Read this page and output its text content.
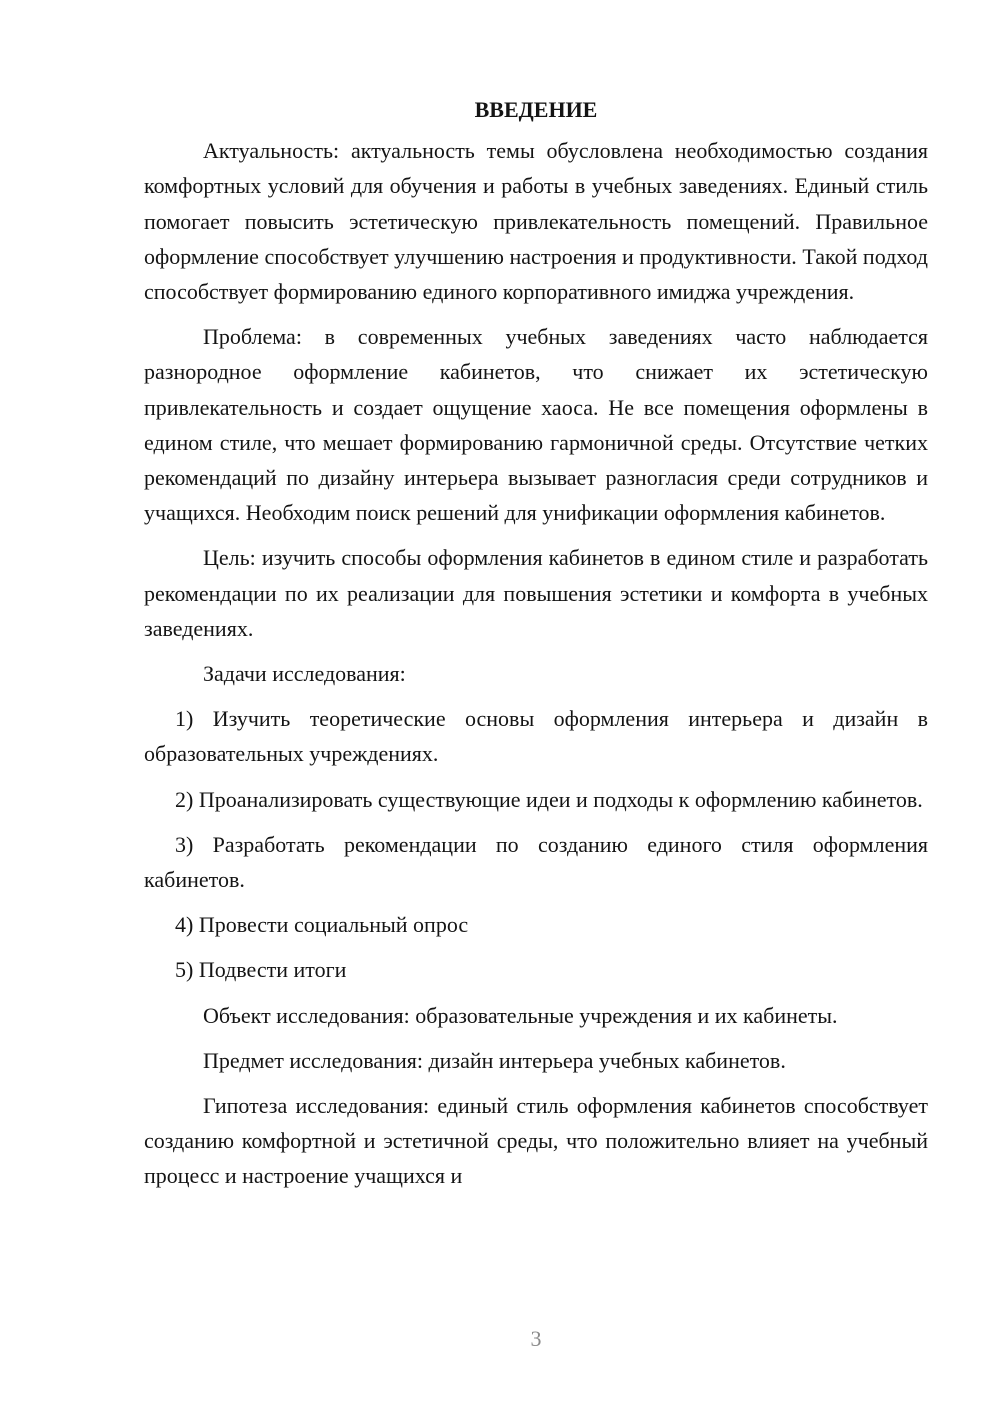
ВВЕДЕНИЕ

Актуальность: актуальность темы обусловлена необходимостью создания комфортных условий для обучения и работы в учебных заведениях. Единый стиль помогает повысить эстетическую привлекательность помещений. Правильное оформление способствует улучшению настроения и продуктивности. Такой подход способствует формированию единого корпоративного имиджа учреждения.

Проблема: в современных учебных заведениях часто наблюдается разнородное оформление кабинетов, что снижает их эстетическую привлекательность и создает ощущение хаоса. Не все помещения оформлены в едином стиле, что мешает формированию гармоничной среды. Отсутствие четких рекомендаций по дизайну интерьера вызывает разногласия среди сотрудников и учащихся. Необходим поиск решений для унификации оформления кабинетов.

Цель: изучить способы оформления кабинетов в едином стиле и разработать рекомендации по их реализации для повышения эстетики и комфорта в учебных заведениях.

Задачи исследования:

1) Изучить теоретические основы оформления интерьера и дизайн в образовательных учреждениях.

2) Проанализировать существующие идеи и подходы к оформлению кабинетов.

3) Разработать рекомендации по созданию единого стиля оформления кабинетов.

4) Провести социальный опрос

5) Подвести итоги

Объект исследования: образовательные учреждения и их кабинеты.

Предмет исследования: дизайн интерьера учебных кабинетов.

Гипотеза исследования: единый стиль оформления кабинетов способствует созданию комфортной и эстетичной среды, что положительно влияет на учебный процесс и настроение учащихся и

3
